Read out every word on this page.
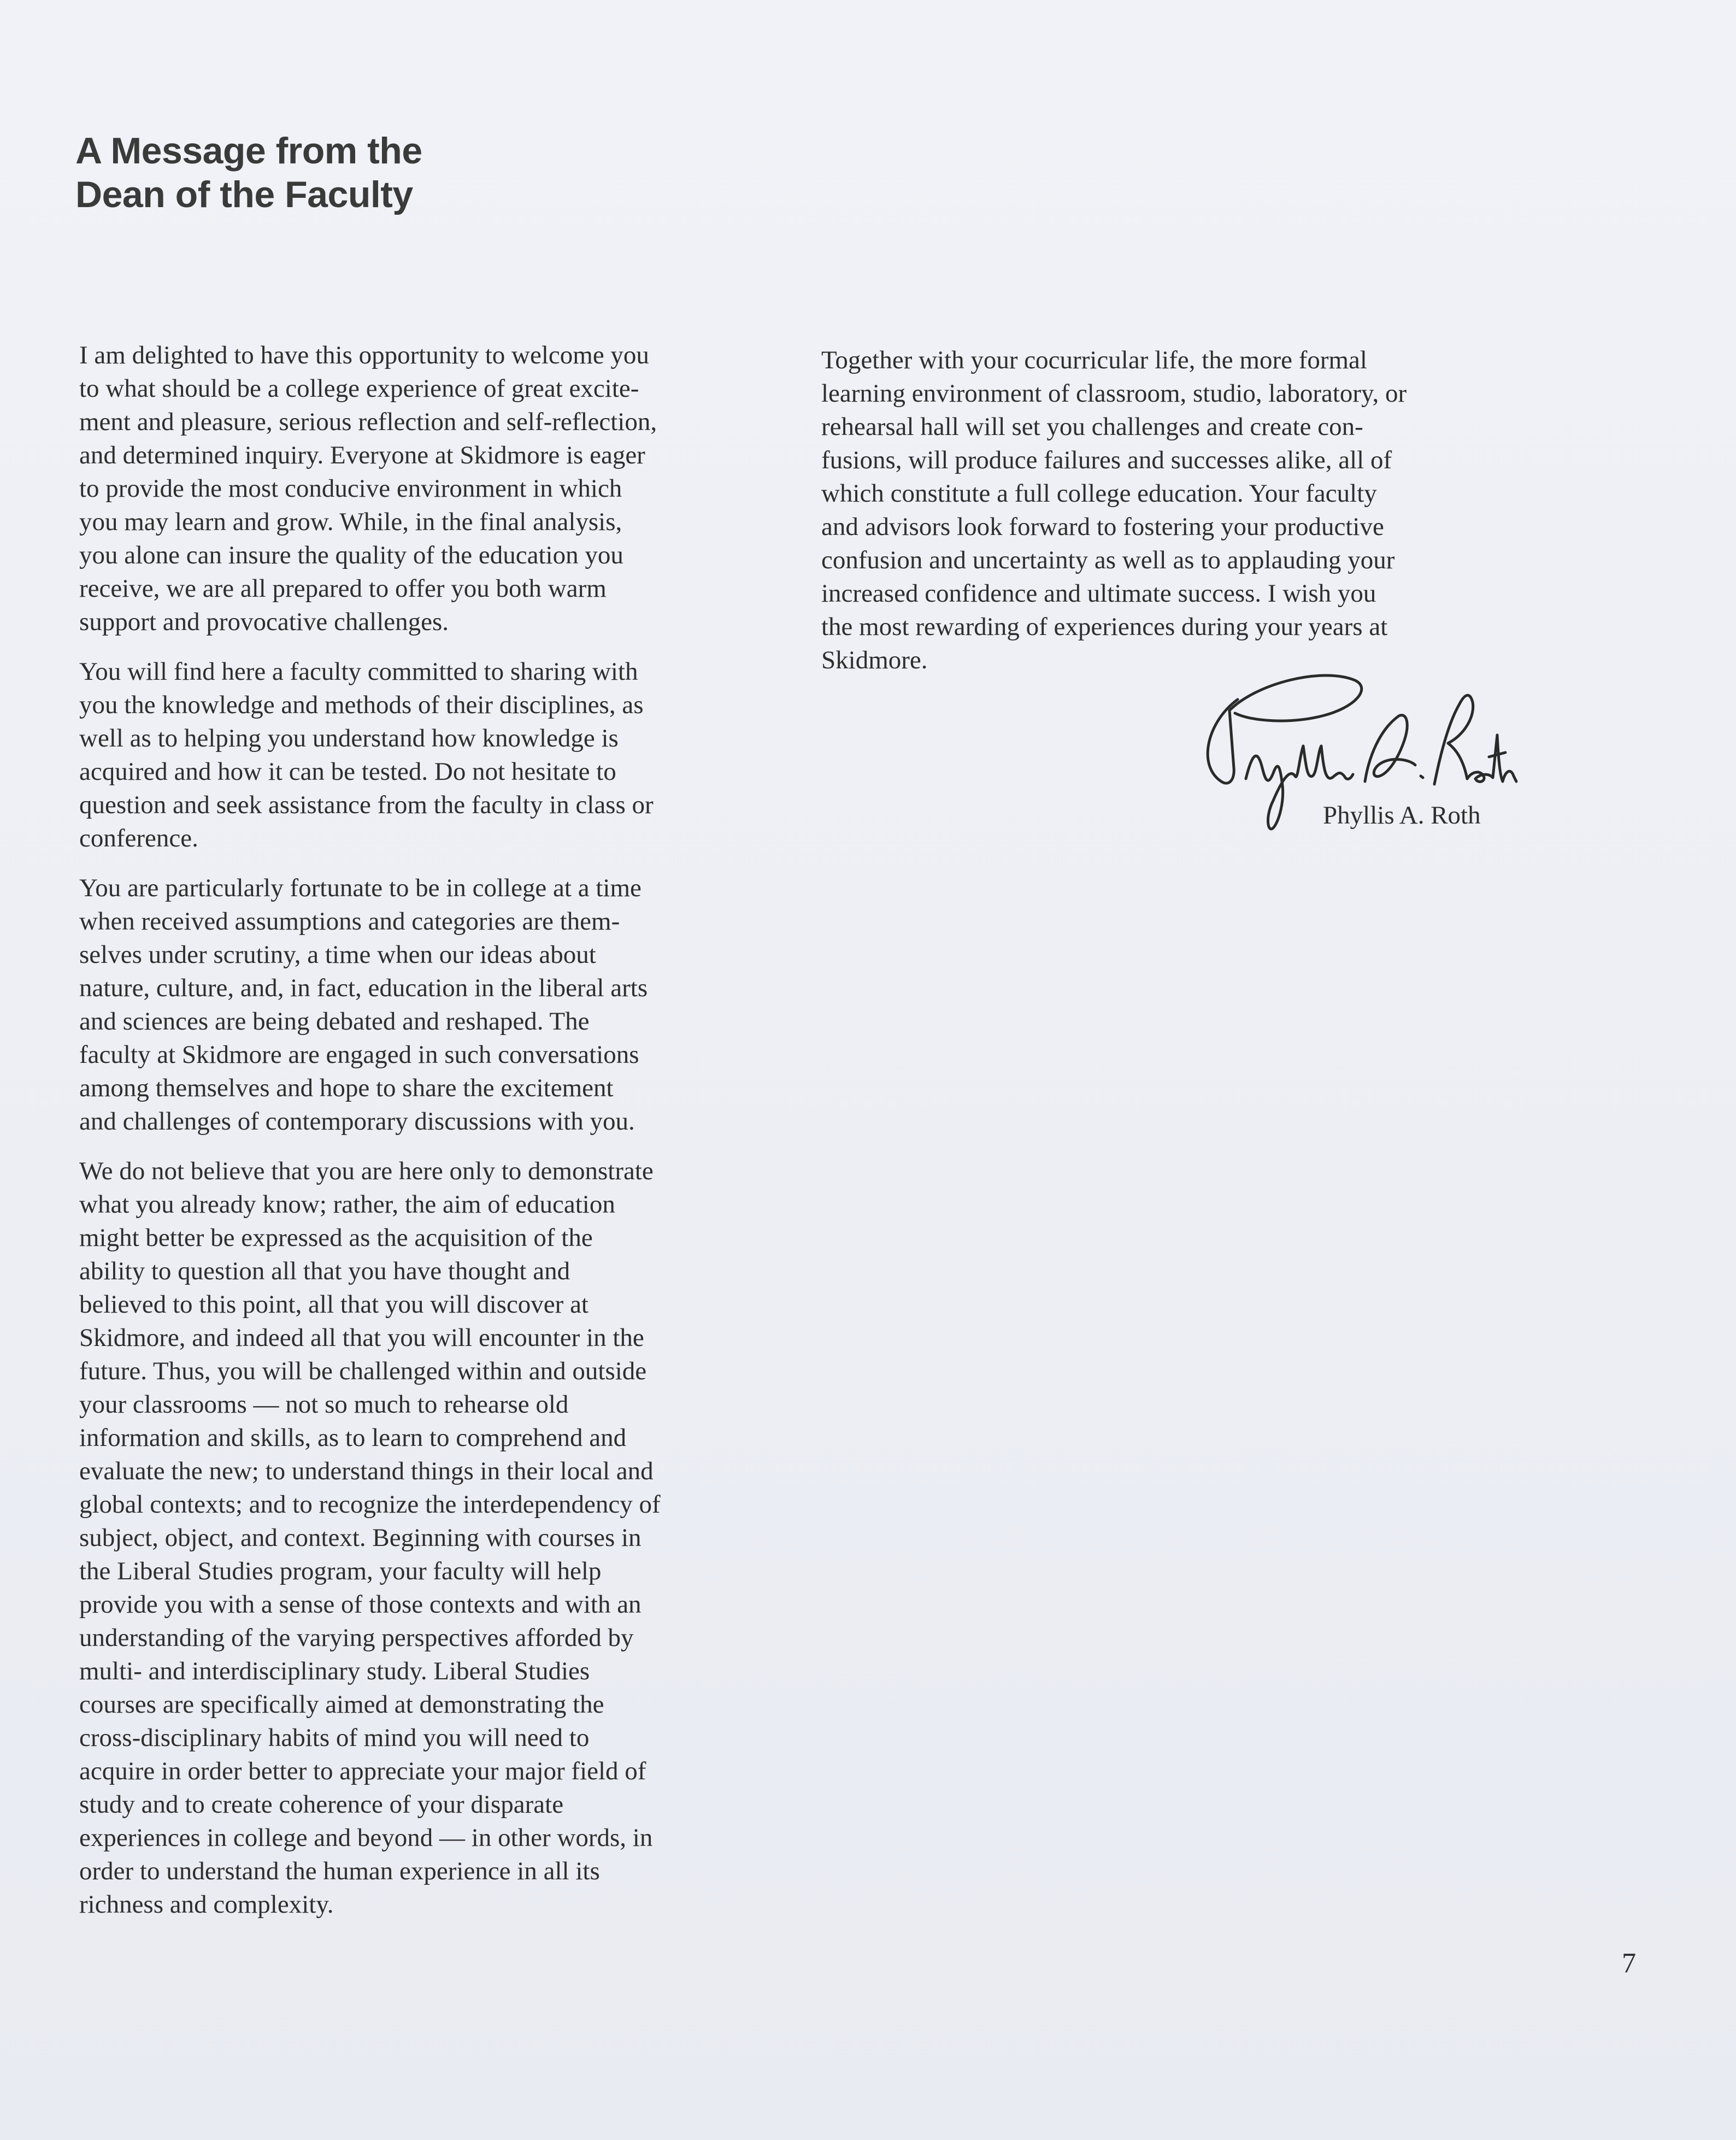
A Message from the
Dean of the Faculty

I am delighted to have this opportunity to welcome you
to what should be a college experience of great excite-
ment and pleasure, serious reflection and self-reflection,
and determined inquiry. Everyone at Skidmore is eager
to provide the most conducive environment in which
you may learn and grow. While, in the final analysis,
you alone can insure the quality of the education you
receive, we are all prepared to offer you both warm
support and provocative challenges.

You will find here a faculty committed to sharing with
you the knowledge and methods of their disciplines, as
well as to helping you understand how knowledge is
acquired and how it can be tested. Do not hesitate to
question and seek assistance from the faculty in class or
conference.

You are particularly fortunate to be in college at a time
when received assumptions and categories are them-
selves under scrutiny, a time when our ideas about
nature, culture, and, in fact, education in the liberal arts
and sciences are being debated and reshaped. The
faculty at Skidmore are engaged in such conversations
among themselves and hope to share the excitement
and challenges of contemporary discussions with you.

We do not believe that you are here only to demonstrate
what you already know; rather, the aim of education
might better be expressed as the acquisition of the
ability to question all that you have thought and
believed to this point, all that you will discover at
Skidmore, and indeed all that you will encounter in the
future. Thus, you will be challenged within and outside
your classrooms — not so much to rehearse old
information and skills, as to learn to comprehend and
evaluate the new; to understand things in their local and
global contexts; and to recognize the interdependency of
subject, object, and context. Beginning with courses in
the Liberal Studies program, your faculty will help
provide you with a sense of those contexts and with an
understanding of the varying perspectives afforded by
multi- and interdisciplinary study. Liberal Studies
courses are specifically aimed at demonstrating the
cross-disciplinary habits of mind you will need to
acquire in order better to appreciate your major field of
study and to create coherence of your disparate
experiences in college and beyond — in other words, in
order to understand the human experience in all its
richness and complexity.

Together with your cocurricular life, the more formal
learning environment of classroom, studio, laboratory, or
rehearsal hall will set you challenges and create con-
fusions, will produce failures and successes alike, all of
which constitute a full college education. Your faculty
and advisors look forward to fostering your productive
confusion and uncertainty as well as to applauding your
increased confidence and ultimate success. I wish you
the most rewarding of experiences during your years at
Skidmore.

Phyllis A. Roth
7
